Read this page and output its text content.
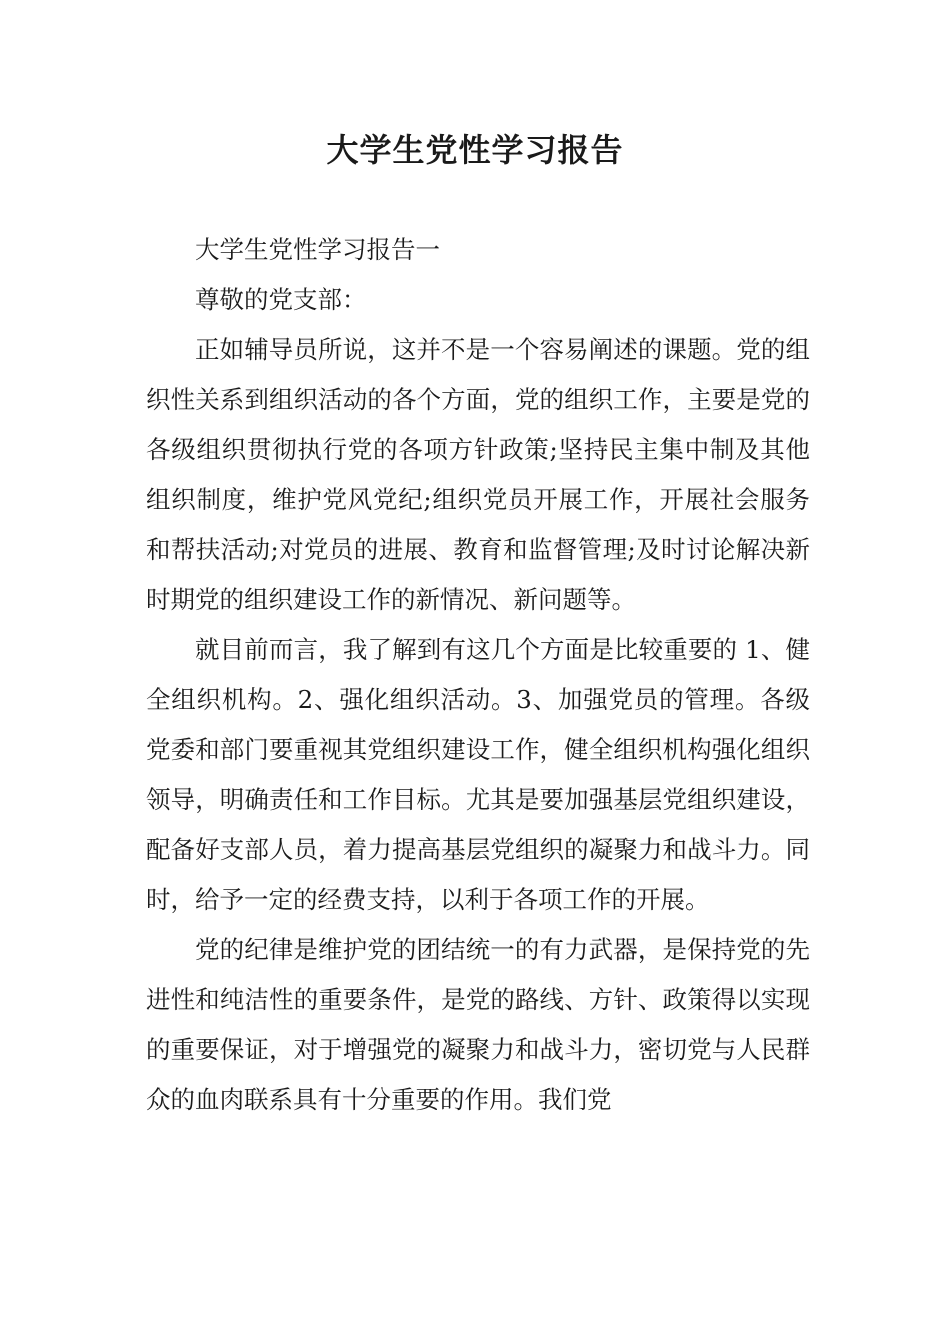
大学生党性学习报告

大学生党性学习报告一

尊敬的党支部：

正如辅导员所说，这并不是一个容易阐述的课题。党的组织性关系到组织活动的各个方面，党的组织工作，主要是党的各级组织贯彻执行党的各项方针政策;坚持民主集中制及其他组织制度，维护党风党纪;组织党员开展工作，开展社会服务和帮扶活动;对党员的进展、教育和监督管理;及时讨论解决新时期党的组织建设工作的新情况、新问题等。

就目前而言，我了解到有这几个方面是比较重要的 1、健全组织机构。2、强化组织活动。3、加强党员的管理。各级党委和部门要重视其党组织建设工作，健全组织机构强化组织领导，明确责任和工作目标。尤其是要加强基层党组织建设，配备好支部人员，着力提高基层党组织的凝聚力和战斗力。同时，给予一定的经费支持，以利于各项工作的开展。

党的纪律是维护党的团结统一的有力武器，是保持党的先进性和纯洁性的重要条件，是党的路线、方针、政策得以实现的重要保证，对于增强党的凝聚力和战斗力，密切党与人民群众的血肉联系具有十分重要的作用。我们党
